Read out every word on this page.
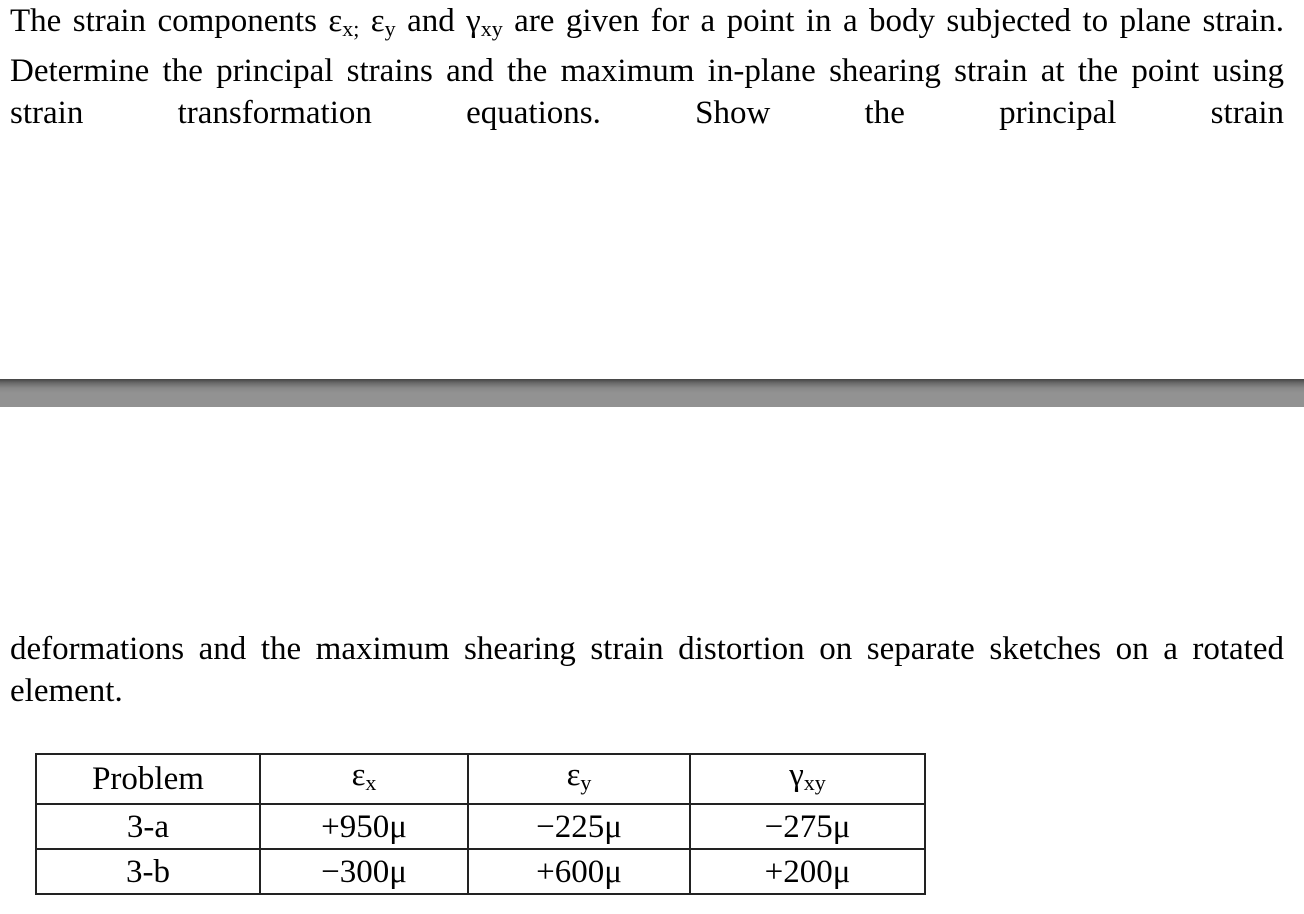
The strain components $\varepsilon_{x;}$ $\varepsilon_y$ and $\gamma_{xy}$ are given for a point in a body subjected to plane strain. Determine the principal strains and the maximum in-plane shearing strain at the point using strain transformation equations. Show the principal strain
deformations and the maximum shearing strain distortion on separate sketches on a rotated element.
Problem	$\varepsilon_x$	$\varepsilon_y$	$\gamma_{xy}$
3-a	+950μ	−225μ	−275μ
3-b	−300μ	+600μ	+200μ
